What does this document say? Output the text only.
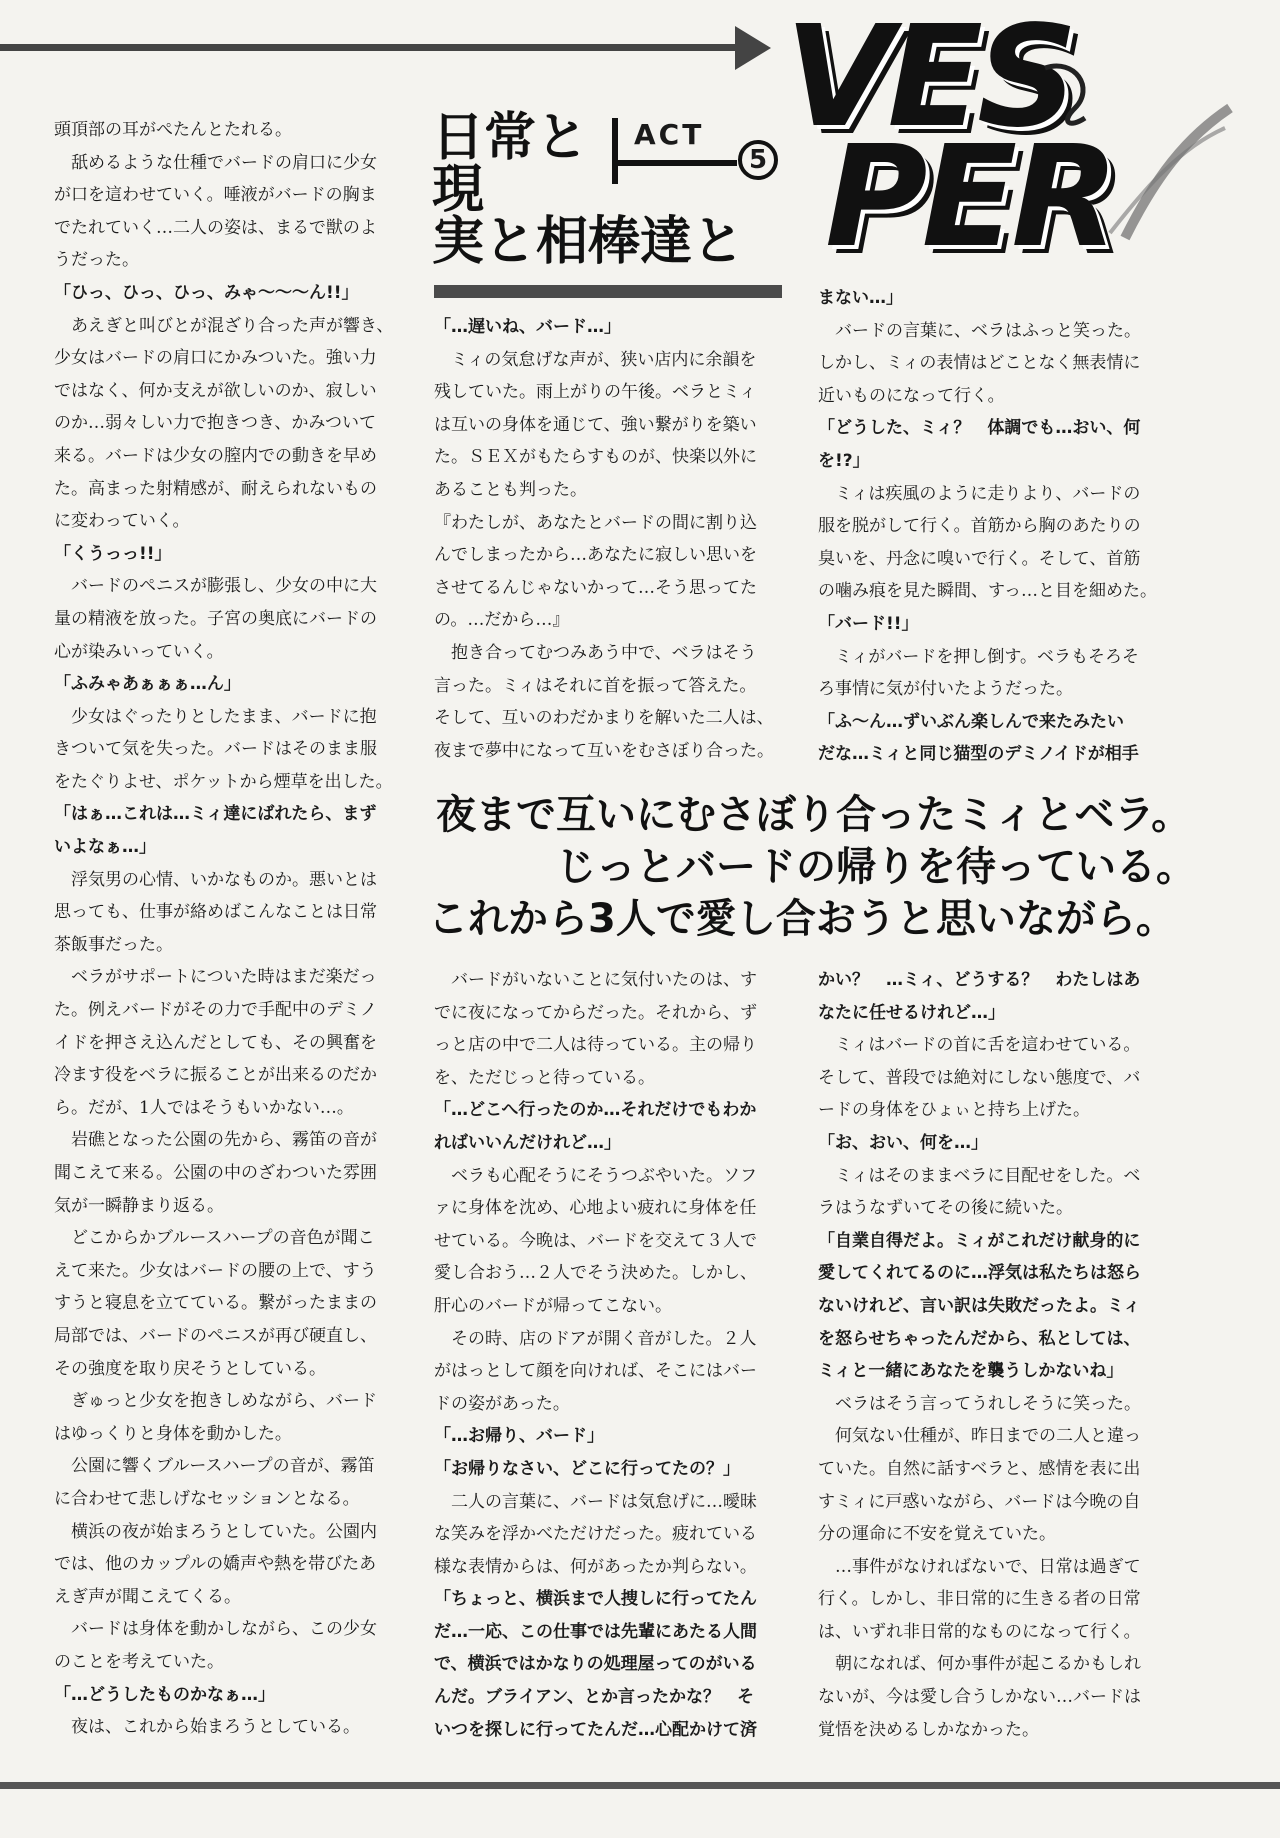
VES
PER
日常と
現
実と相棒達と
ACT
5
頭頂部の耳がぺたんとたれる。
　舐めるような仕種でバードの肩口に少女
が口を這わせていく。唾液がバードの胸ま
でたれていく…二人の姿は、まるで獣のよ
うだった。
「ひっ、ひっ、ひっ、みゃ〜〜〜ん!!」
　あえぎと叫びとが混ざり合った声が響き、
少女はバードの肩口にかみついた。強い力
ではなく、何か支えが欲しいのか、寂しい
のか…弱々しい力で抱きつき、かみついて
来る。バードは少女の膣内での動きを早め
た。高まった射精感が、耐えられないもの
に変わっていく。
「くうっっ!!」
　バードのペニスが膨張し、少女の中に大
量の精液を放った。子宮の奥底にバードの
心が染みいっていく。
「ふみゃあぁぁぁ…ん」
　少女はぐったりとしたまま、バードに抱
きついて気を失った。バードはそのまま服
をたぐりよせ、ポケットから煙草を出した。
「はぁ…これは…ミィ達にばれたら、まず
いよなぁ…」
　浮気男の心情、いかなものか。悪いとは
思っても、仕事が絡めばこんなことは日常
茶飯事だった。
　ベラがサポートについた時はまだ楽だっ
た。例えバードがその力で手配中のデミノ
イドを押さえ込んだとしても、その興奮を
冷ます役をベラに振ることが出来るのだか
ら。だが、1人ではそうもいかない…。
　岩礁となった公園の先から、霧笛の音が
聞こえて来る。公園の中のざわついた雰囲
気が一瞬静まり返る。
　どこからかブルースハープの音色が聞こ
えて来た。少女はバードの腰の上で、すう
すうと寝息を立てている。繋がったままの
局部では、バードのペニスが再び硬直し、
その強度を取り戻そうとしている。
　ぎゅっと少女を抱きしめながら、バード
はゆっくりと身体を動かした。
　公園に響くブルースハープの音が、霧笛
に合わせて悲しげなセッションとなる。
　横浜の夜が始まろうとしていた。公園内
では、他のカップルの嬌声や熱を帯びたあ
えぎ声が聞こえてくる。
　バードは身体を動かしながら、この少女
のことを考えていた。
「…どうしたものかなぁ…」
　夜は、これから始まろうとしている。
「…遅いね、バード…」
　ミィの気怠げな声が、狭い店内に余韻を
残していた。雨上がりの午後。ベラとミィ
は互いの身体を通じて、強い繋がりを築い
た。ＳＥＸがもたらすものが、快楽以外に
あることも判った。
『わたしが、あなたとバードの間に割り込
んでしまったから…あなたに寂しい思いを
させてるんじゃないかって…そう思ってた
の。…だから…』
　抱き合ってむつみあう中で、ベラはそう
言った。ミィはそれに首を振って答えた。
そして、互いのわだかまりを解いた二人は、
夜まで夢中になって互いをむさぼり合った。
まない…」
　バードの言葉に、ベラはふっと笑った。
しかし、ミィの表情はどことなく無表情に
近いものになって行く。
「どうした、ミィ？　体調でも…おい、何
を!?」
　ミィは疾風のように走りより、バードの
服を脱がして行く。首筋から胸のあたりの
臭いを、丹念に嗅いで行く。そして、首筋
の噛み痕を見た瞬間、すっ…と目を細めた。
「バード!!」
　ミィがバードを押し倒す。ベラもそろそ
ろ事情に気が付いたようだった。
「ふ〜ん…ずいぶん楽しんで来たみたい
だな…ミィと同じ猫型のデミノイドが相手
夜まで互いにむさぼり合ったミィとベラ。
じっとバードの帰りを待っている。
これから3人で愛し合おうと思いながら。
　バードがいないことに気付いたのは、す
でに夜になってからだった。それから、ず
っと店の中で二人は待っている。主の帰り
を、ただじっと待っている。
「…どこへ行ったのか…それだけでもわか
ればいいんだけれど…」
　ベラも心配そうにそうつぶやいた。ソフ
ァに身体を沈め、心地よい疲れに身体を任
せている。今晩は、バードを交えて３人で
愛し合おう…２人でそう決めた。しかし、
肝心のバードが帰ってこない。
　その時、店のドアが開く音がした。２人
がはっとして顔を向ければ、そこにはバー
ドの姿があった。
「…お帰り、バード」
「お帰りなさい、どこに行ってたの？」
　二人の言葉に、バードは気怠げに…曖昧
な笑みを浮かべただけだった。疲れている
様な表情からは、何があったか判らない。
「ちょっと、横浜まで人捜しに行ってたん
だ…一応、この仕事では先輩にあたる人間
で、横浜ではかなりの処理屋ってのがいる
んだ。ブライアン、とか言ったかな？　そ
いつを探しに行ってたんだ…心配かけて済
かい？　…ミィ、どうする？　わたしはあ
なたに任せるけれど…」
　ミィはバードの首に舌を這わせている。
そして、普段では絶対にしない態度で、バ
ードの身体をひょぃと持ち上げた。
「お、おい、何を…」
　ミィはそのままベラに目配せをした。ベ
ラはうなずいてその後に続いた。
「自業自得だよ。ミィがこれだけ献身的に
愛してくれてるのに…浮気は私たちは怒ら
ないけれど、言い訳は失敗だったよ。ミィ
を怒らせちゃったんだから、私としては、
ミィと一緒にあなたを襲うしかないね」
　ベラはそう言ってうれしそうに笑った。
　何気ない仕種が、昨日までの二人と違っ
ていた。自然に話すベラと、感情を表に出
すミィに戸惑いながら、バードは今晩の自
分の運命に不安を覚えていた。
　…事件がなければないで、日常は過ぎて
行く。しかし、非日常的に生きる者の日常
は、いずれ非日常的なものになって行く。
　朝になれば、何か事件が起こるかもしれ
ないが、今は愛し合うしかない…バードは
覚悟を決めるしかなかった。
